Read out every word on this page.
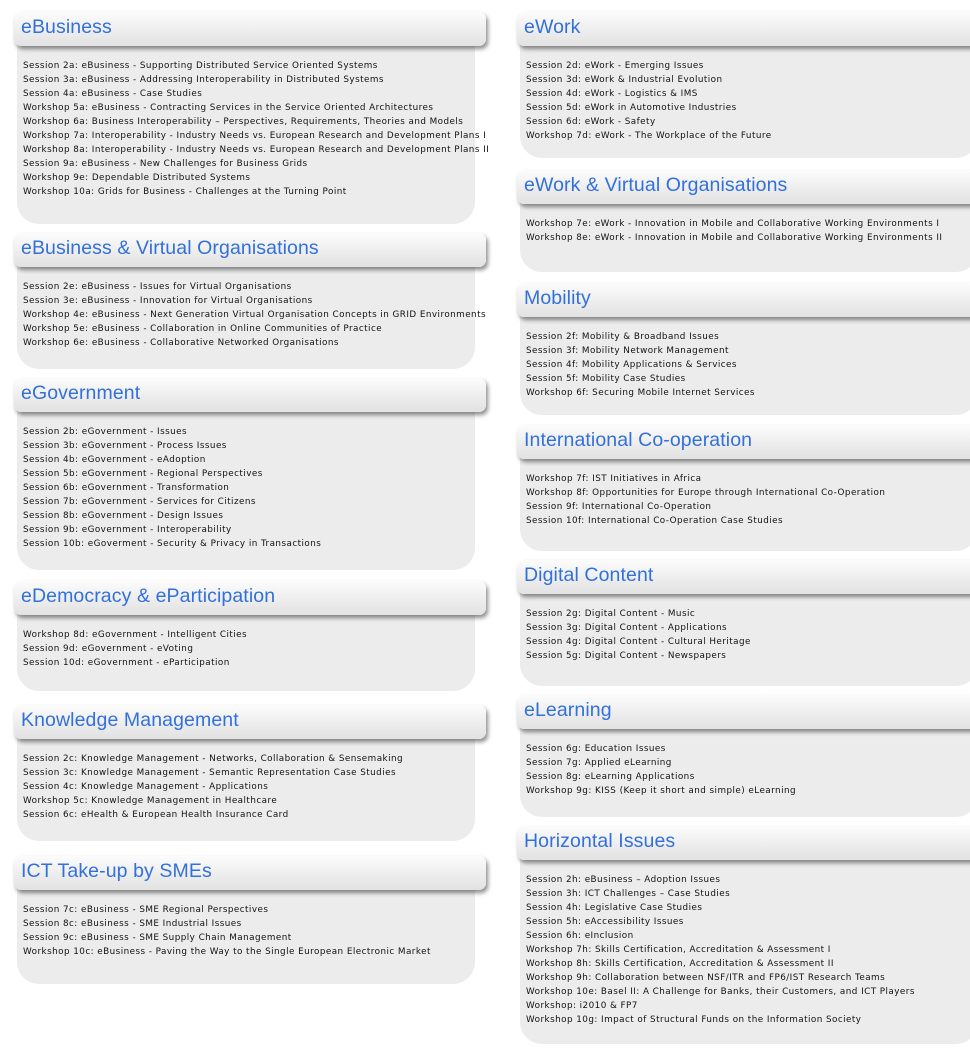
eBusiness
Session 2a: eBusiness - Supporting Distributed Service Oriented Systems
Session 3a: eBusiness - Addressing Interoperability in Distributed Systems
Session 4a: eBusiness - Case Studies
Workshop 5a: eBusiness - Contracting Services in the Service Oriented Architectures
Workshop 6a: Business Interoperability – Perspectives, Requirements, Theories and Models
Workshop 7a: Interoperability - Industry Needs vs. European Research and Development Plans I
Workshop 8a: Interoperability - Industry Needs vs. European Research and Development Plans II
Session 9a: eBusiness - New Challenges for Business Grids
Workshop 9e: Dependable Distributed Systems
Workshop 10a: Grids for Business - Challenges at the Turning Point
eBusiness & Virtual Organisations
Session 2e: eBusiness - Issues for Virtual Organisations
Session 3e: eBusiness - Innovation for Virtual Organisations
Workshop 4e: eBusiness - Next Generation Virtual Organisation Concepts in GRID Environments
Workshop 5e: eBusiness - Collaboration in Online Communities of Practice
Workshop 6e: eBusiness - Collaborative Networked Organisations
eGovernment
Session 2b: eGovernment - Issues
Session 3b: eGovernment - Process Issues
Session 4b: eGovernment - eAdoption
Session 5b: eGovernment - Regional Perspectives
Session 6b: eGovernment - Transformation
Session 7b: eGovernment - Services for Citizens
Session 8b: eGovernment - Design Issues
Session 9b: eGovernment - Interoperability
Session 10b: eGoverment - Security & Privacy in Transactions
eDemocracy & eParticipation
Workshop 8d: eGovernment - Intelligent Cities
Session 9d: eGovernment - eVoting
Session 10d: eGovernment - eParticipation
Knowledge Management
Session 2c: Knowledge Management - Networks, Collaboration & Sensemaking
Session 3c: Knowledge Management - Semantic Representation Case Studies
Session 4c: Knowledge Management - Applications
Workshop 5c: Knowledge Management in Healthcare
Session 6c: eHealth & European Health Insurance Card
ICT Take-up by SMEs
Session 7c: eBusiness - SME Regional Perspectives
Session 8c: eBusiness - SME Industrial Issues
Session 9c: eBusiness - SME Supply Chain Management
Workshop 10c: eBusiness - Paving the Way to the Single European Electronic Market
eWork
Session 2d: eWork - Emerging Issues
Session 3d: eWork & Industrial Evolution
Session 4d: eWork - Logistics & IMS
Session 5d: eWork in Automotive Industries
Session 6d: eWork - Safety
Workshop 7d: eWork - The Workplace of the Future
eWork & Virtual Organisations
Workshop 7e: eWork - Innovation in Mobile and Collaborative Working Environments I
Workshop 8e: eWork - Innovation in Mobile and Collaborative Working Environments II
Mobility
Session 2f: Mobility & Broadband Issues
Session 3f: Mobility Network Management
Session 4f: Mobility Applications & Services
Session 5f: Mobility Case Studies
Workshop 6f: Securing Mobile Internet Services
International Co-operation
Workshop 7f: IST Initiatives in Africa
Workshop 8f: Opportunities for Europe through International Co-Operation
Session 9f: International Co-Operation
Session 10f: International Co-Operation Case Studies
Digital Content
Session 2g: Digital Content - Music
Session 3g: Digital Content - Applications
Session 4g: Digital Content - Cultural Heritage
Session 5g: Digital Content - Newspapers
eLearning
Session 6g: Education Issues
Session 7g: Applied eLearning
Session 8g: eLearning Applications
Workshop 9g: KISS (Keep it short and simple) eLearning
Horizontal Issues
Session 2h: eBusiness – Adoption Issues
Session 3h: ICT Challenges – Case Studies
Session 4h: Legislative Case Studies
Session 5h: eAccessibility Issues
Session 6h: eInclusion
Workshop 7h: Skills Certification, Accreditation & Assessment I
Workshop 8h: Skills Certification, Accreditation & Assessment II
Workshop 9h: Collaboration between NSF/ITR and FP6/IST Research Teams
Workshop 10e: Basel II: A Challenge for Banks, their Customers, and ICT Players
Workshop: i2010 & FP7
Workshop 10g: Impact of Structural Funds on the Information Society
